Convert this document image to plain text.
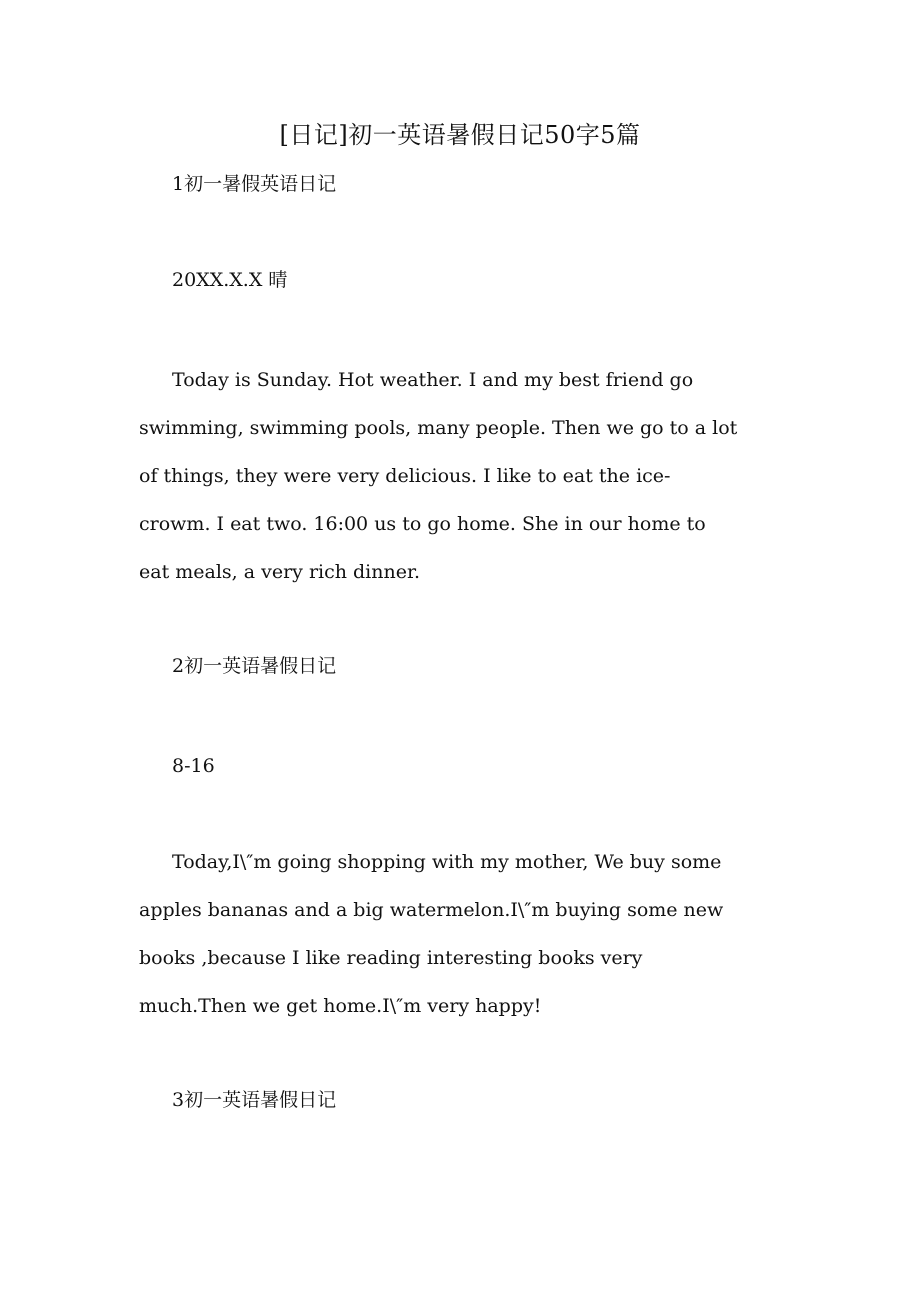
[日记]初一英语暑假日记50字5篇
1初一暑假英语日记
20XX.X.X 晴
Today is Sunday. Hot weather. I and my best friend go
swimming, swimming pools, many people. Then we go to a lot
of things, they were very delicious. I like to eat the ice-
crowm. I eat two. 16:00 us to go home. She in our home to
eat meals, a very rich dinner.
2初一英语暑假日记
8-16
Today,I\″m going shopping with my mother, We buy some
apples bananas and a big watermelon.I\″m buying some new
books ,because I like reading interesting books very
much.Then we get home.I\″m very happy!
3初一英语暑假日记
